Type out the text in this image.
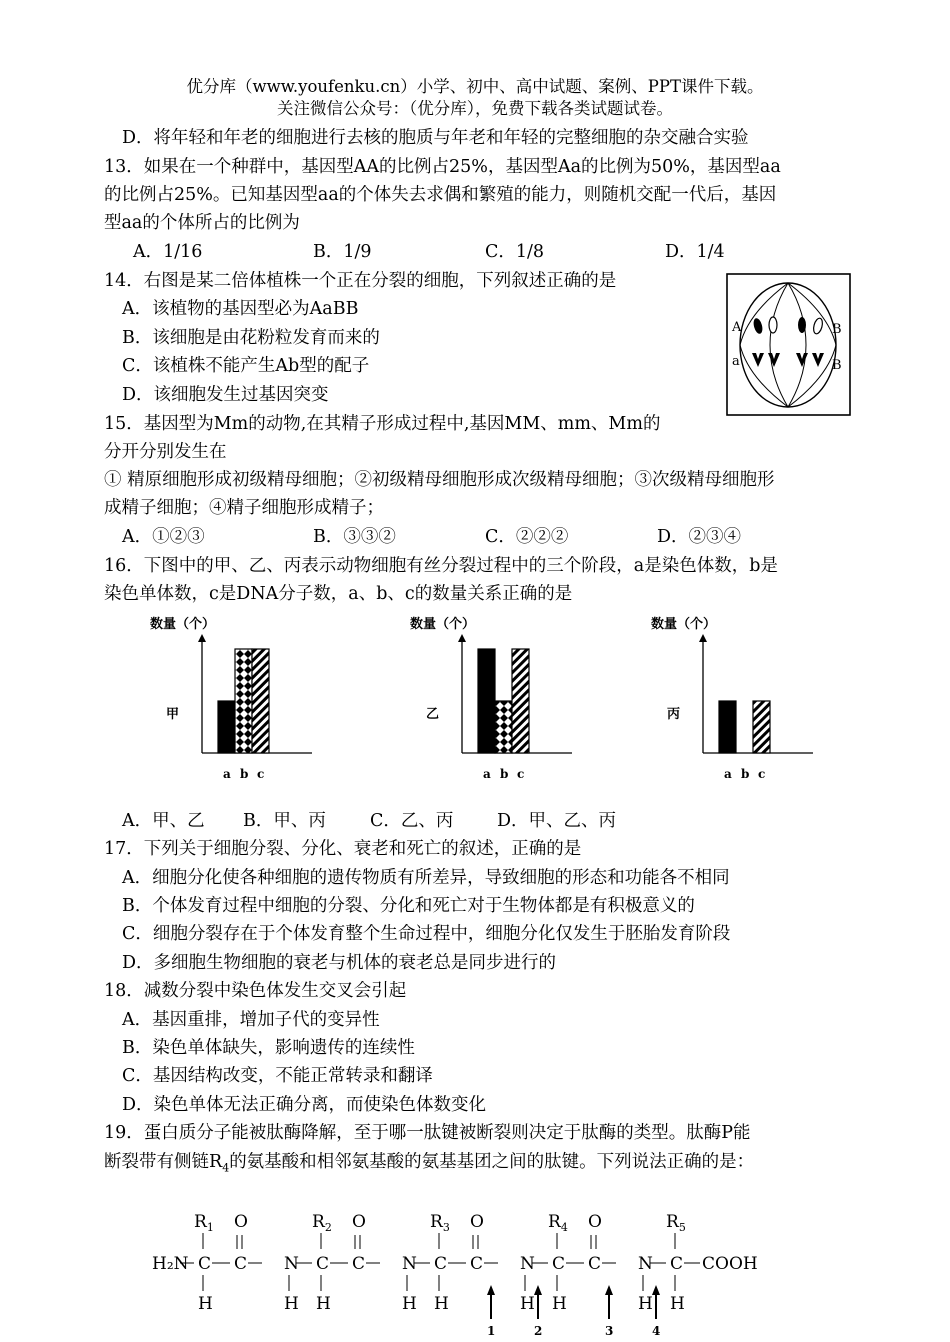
优分库（www.youfenku.cn）小学、初中、高中试题、案例、PPT课件下载。
关注微信公众号：（优分库），免费下载各类试题试卷。
D．将年轻和年老的细胞进行去核的胞质与年老和年轻的完整细胞的杂交融合实验
13．如果在一个种群中，基因型AA的比例占25%，基因型Aa的比例为50%，基因型aa
的比例占25%。已知基因型aa的个体失去求偶和繁殖的能力，则随机交配一代后，基因
型aa的个体所占的比例为
A．1/16	B．1/9	C．1/8	D．1/4
14．右图是某二倍体植株一个正在分裂的细胞，下列叙述正确的是
A．该植物的基因型必为AaBB
B．该细胞是由花粉粒发育而来的
C．该植株不能产生Ab型的配子
D．该细胞发生过基因突变
A
a
B
B
15．基因型为Mm的动物,在其精子形成过程中,基因MM、mm、Mm的
分开分别发生在
① 精原细胞形成初级精母细胞；②初级精母细胞形成次级精母细胞；③次级精母细胞形
成精子细胞；④精子细胞形成精子；
A．①②③	B．③③②	C．②②②	D．②③④
16．下图中的甲、乙、丙表示动物细胞有丝分裂过程中的三个阶段，a是染色体数，b是
染色单体数，c是DNA分子数，a、b、c的数量关系正确的是
数量（个）
甲
a b c
数量（个）
乙
a b c
数量（个）
丙
a b c
A．甲、乙 B．甲、丙	C．乙、丙 D．甲、乙、丙
17．下列关于细胞分裂、分化、衰老和死亡的叙述，正确的是
A．细胞分化使各种细胞的遗传物质有所差异，导致细胞的形态和功能各不相同
B．个体发育过程中细胞的分裂、分化和死亡对于生物体都是有积极意义的
C．细胞分裂存在于个体发育整个生命过程中，细胞分化仅发生于胚胎发育阶段
D．多细胞生物细胞的衰老与机体的衰老总是同步进行的
18．减数分裂中染色体发生交叉会引起
A．基因重排，增加子代的变异性
B．染色单体缺失，影响遗传的连续性
C．基因结构改变，不能正常转录和翻译
D．染色单体无法正确分离，而使染色体数变化
19．蛋白质分子能被肽酶降解，至于哪一肽键被断裂则决定于肽酶的类型。肽酶P能
断裂带有侧链$R_4$的氨基酸和相邻氨基酸的氨基基团之间的肽键。下列说法正确的是：
H₂N C
$R_1$
H
C
O
N
H
C
$R_2$
H
C
O
N
H
C
$R_3$
H
C
O
1	2
N
H
C
$R_4$
H
C
O
3	4
N
H
C
$R_5$
H
COOH
